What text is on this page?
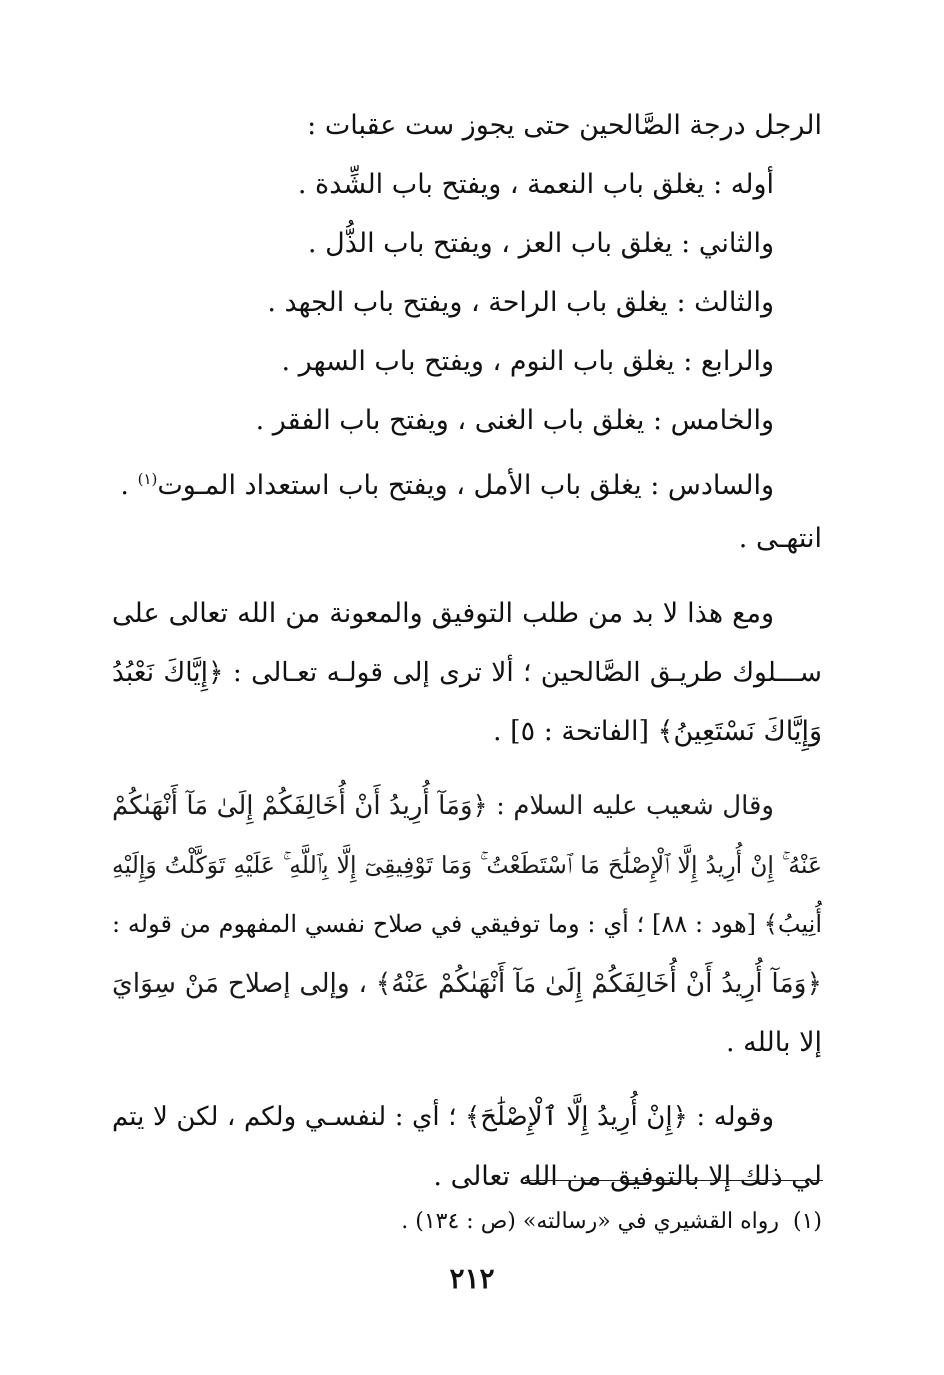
الرجل درجة الصَّالحين حتى يجوز ست عقبات :
أوله : يغلق باب النعمة ، ويفتح باب الشِّدة .
والثاني : يغلق باب العز ، ويفتح باب الذُّل .
والثالث : يغلق باب الراحة ، ويفتح باب الجهد .
والرابع : يغلق باب النوم ، ويفتح باب السهر .
والخامس : يغلق باب الغنى ، ويفتح باب الفقر .
والسادس : يغلق باب الأمل ، ويفتح باب استعداد المـوت$^{(١)}$ .
انتهـى .
ومع هذا لا بد من طلب التوفيق والمعونة من الله تعالى على
ســـلوك طريـق الصَّالحين ؛ ألا ترى إلى قولـه تعـالى : ﴿إِيَّاكَ نَعْبُدُ
وَإِيَّاكَ نَسْتَعِينُ﴾ [الفاتحة : ٥] .
وقال شعيب عليه السلام : ﴿وَمَآ أُرِيدُ أَنْ أُخَالِفَكُمْ إِلَىٰ مَآ أَنْهَىٰكُمْ
عَنْهُ ۚ إِنْ أُرِيدُ إِلَّا ٱلْإِصْلَٰحَ مَا ٱسْتَطَعْتُ ۚ وَمَا تَوْفِيقِىٓ إِلَّا بِٱللَّهِ ۚ عَلَيْهِ تَوَكَّلْتُ وَإِلَيْهِ
أُنِيبُ﴾ [هود : ٨٨] ؛ أي : وما توفيقي في صلاح نفسي المفهوم من قوله :
﴿وَمَآ أُرِيدُ أَنْ أُخَالِفَكُمْ إِلَىٰ مَآ أَنْهَىٰكُمْ عَنْهُ﴾ ، وإلى إصلاح مَنْ سِوَايَ
إلا بالله .
وقوله : ﴿إِنْ أُرِيدُ إِلَّا ٱلْإِصْلَٰحَ﴾ ؛ أي : لنفسـي ولكم ، لكن لا يتم
لي ذلك إلا بالتوفيق من الله تعالى .
(١)رواه القشيري في «رسالته» (ص : ١٣٤) .
٢١٢
